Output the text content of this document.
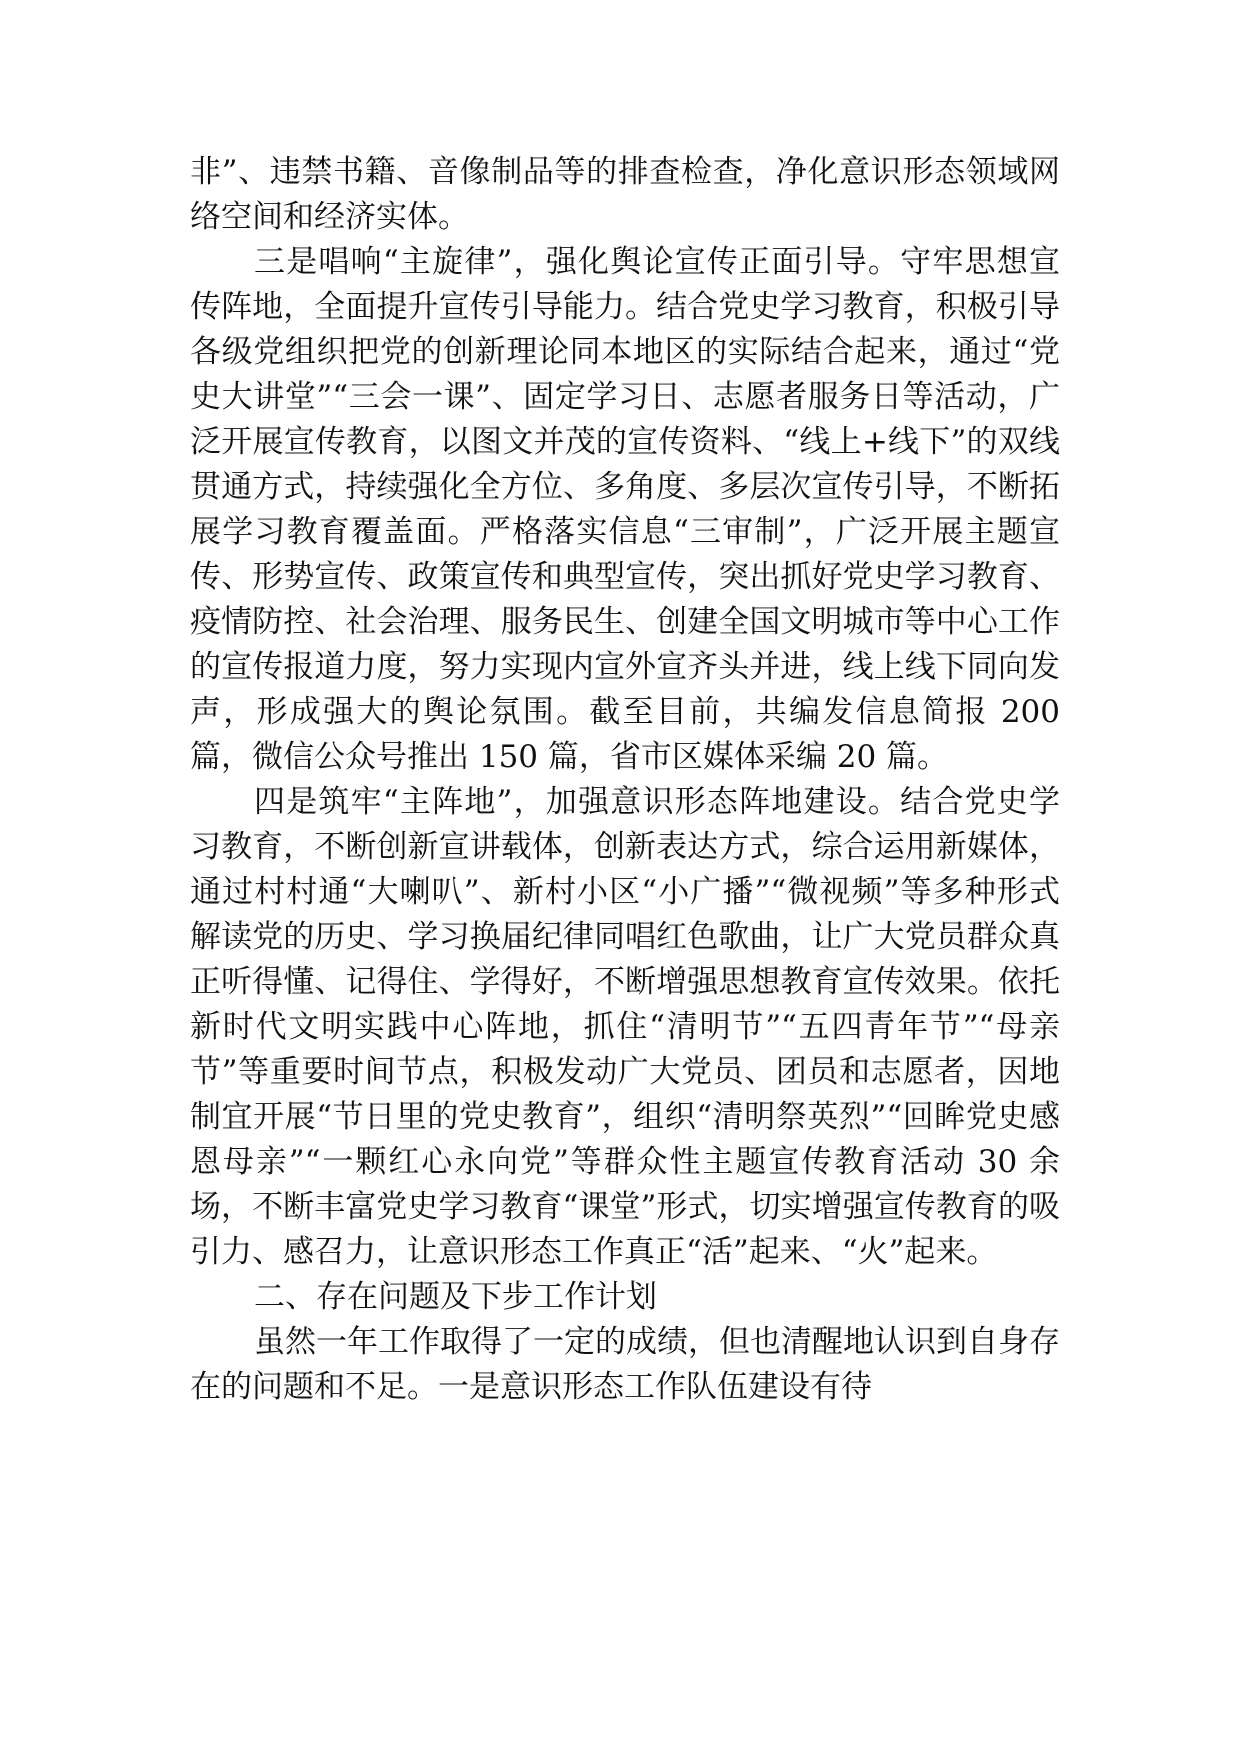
非”、违禁书籍、音像制品等的排查检查，净化意识形态领域网络空间和经济实体。

三是唱响“主旋律”，强化舆论宣传正面引导。守牢思想宣传阵地，全面提升宣传引导能力。结合党史学习教育，积极引导各级党组织把党的创新理论同本地区的实际结合起来，通过“党史大讲堂”“三会一课”、固定学习日、志愿者服务日等活动，广泛开展宣传教育，以图文并茂的宣传资料、“线上+线下”的双线贯通方式，持续强化全方位、多角度、多层次宣传引导，不断拓展学习教育覆盖面。严格落实信息“三审制”，广泛开展主题宣传、形势宣传、政策宣传和典型宣传，突出抓好党史学习教育、疫情防控、社会治理、服务民生、创建全国文明城市等中心工作的宣传报道力度，努力实现内宣外宣齐头并进，线上线下同向发声，形成强大的舆论氛围。截至目前，共编发信息简报 200 篇，微信公众号推出 150 篇，省市区媒体采编 20 篇。

四是筑牢“主阵地”，加强意识形态阵地建设。结合党史学习教育，不断创新宣讲载体，创新表达方式，综合运用新媒体，通过村村通“大喇叭”、新村小区“小广播”“微视频”等多种形式解读党的历史、学习换届纪律同唱红色歌曲，让广大党员群众真正听得懂、记得住、学得好，不断增强思想教育宣传效果。依托新时代文明实践中心阵地，抓住“清明节”“五四青年节”“母亲节”等重要时间节点，积极发动广大党员、团员和志愿者，因地制宜开展“节日里的党史教育”，组织“清明祭英烈”“回眸党史感恩母亲”“一颗红心永向党”等群众性主题宣传教育活动 30 余场，不断丰富党史学习教育“课堂”形式，切实增强宣传教育的吸引力、感召力，让意识形态工作真正“活”起来、“火”起来。

二、存在问题及下步工作计划

虽然一年工作取得了一定的成绩，但也清醒地认识到自身存在的问题和不足。一是意识形态工作队伍建设有待
